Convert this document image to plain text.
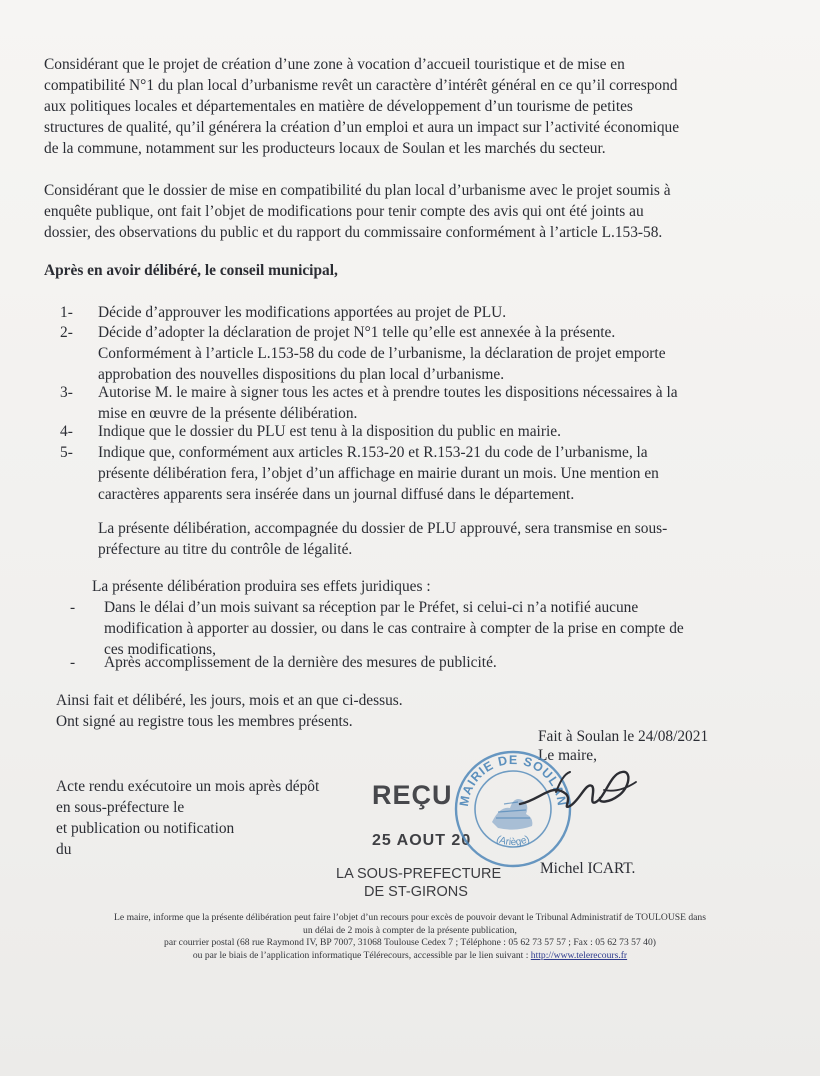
Considérant que le projet de création d’une zone à vocation d’accueil touristique et de mise en
compatibilité N°1 du plan local d’urbanisme revêt un caractère d’intérêt général en ce qu’il correspond
aux politiques locales et départementales en matière de développement d’un tourisme de petites
structures de qualité, qu’il générera la création d’un emploi et aura un impact sur l’activité économique
de la commune, notamment sur les producteurs locaux de Soulan et les marchés du secteur.
Considérant que le dossier de mise en compatibilité du plan local d’urbanisme avec le projet soumis à
enquête publique, ont fait l’objet de modifications pour tenir compte des avis qui ont été joints au
dossier, des observations du public et du rapport du commissaire conformément à l’article L.153-58.
Après en avoir délibéré, le conseil municipal,
1-	Décide d’approuver les modifications apportées au projet de PLU.
2-	Décide d’adopter la déclaration de projet N°1 telle qu’elle est annexée à la présente.
Conformément à l’article L.153-58 du code de l’urbanisme, la déclaration de projet emporte
approbation des nouvelles dispositions du plan local d’urbanisme.
3-	Autorise M. le maire à signer tous les actes et à prendre toutes les dispositions nécessaires à la
mise en œuvre de la présente délibération.
4-	Indique que le dossier du PLU est tenu à la disposition du public en mairie.
5-	Indique que, conformément aux articles R.153-20 et R.153-21 du code de l’urbanisme, la
présente délibération fera, l’objet d’un affichage en mairie durant un mois. Une mention en
caractères apparents sera insérée dans un journal diffusé dans le département.
La présente délibération, accompagnée du dossier de PLU approuvé, sera transmise en sous-
préfecture au titre du contrôle de légalité.
La présente délibération produira ses effets juridiques :
-	Dans le délai d’un mois suivant sa réception par le Préfet, si celui-ci n’a notifié aucune
modification à apporter au dossier, ou dans le cas contraire à compter de la prise en compte de
ces modifications,
-	Après accomplissement de la dernière des mesures de publicité.
Ainsi fait et délibéré, les jours, mois et an que ci-dessus.
Ont signé au registre tous les membres présents.
Fait à Soulan le 24/08/2021
Le maire,
Michel ICART.
Acte rendu exécutoire un mois après dépôt
en sous-préfecture le
et publication ou notification
du
REÇU
25 AOUT 20
LA SOUS-PREFECTURE
DE ST-GIRONS
MAIRIE DE SOULAN
(Ariège)
Le maire, informe que la présente délibération peut faire l’objet d’un recours pour excès de pouvoir devant le Tribunal Administratif de TOULOUSE dans
un délai de 2 mois à compter de la présente publication,
par courrier postal (68 rue Raymond IV, BP 7007, 31068 Toulouse Cedex 7 ; Téléphone : 05 62 73 57 57 ; Fax : 05 62 73 57 40)
ou par le biais de l’application informatique Télérecours, accessible par le lien suivant : http://www.telerecours.fr
